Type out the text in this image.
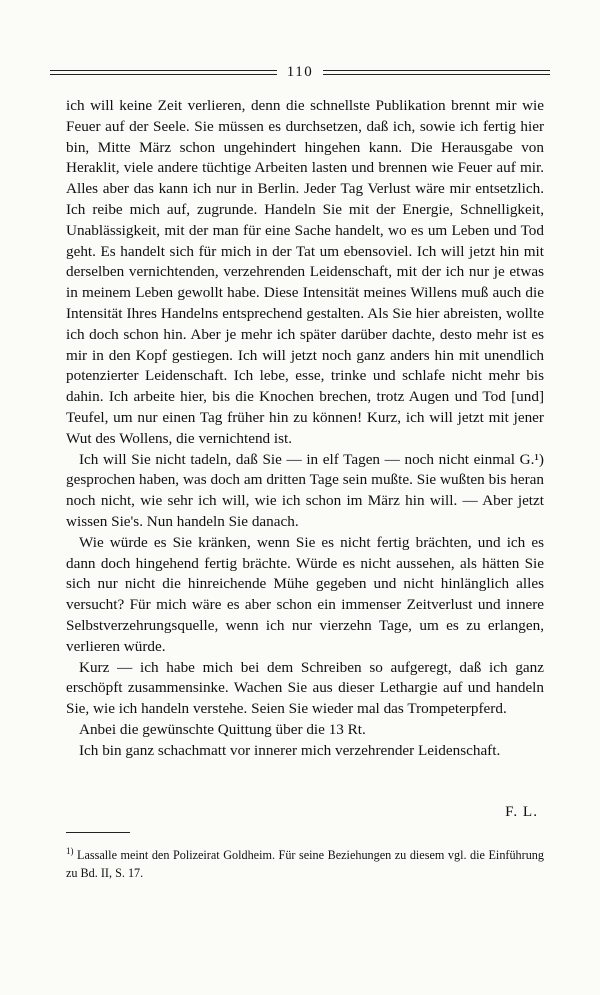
110

ich will keine Zeit verlieren, denn die schnellste Publikation brennt mir wie Feuer auf der Seele. Sie müssen es durchsetzen, daß ich, sowie ich fertig hier bin, Mitte März schon ungehindert hingehen kann. Die Herausgabe von Heraklit, viele andere tüchtige Arbeiten lasten und brennen wie Feuer auf mir. Alles aber das kann ich nur in Berlin. Jeder Tag Verlust wäre mir entsetzlich. Ich reibe mich auf, zugrunde. Handeln Sie mit der Energie, Schnelligkeit, Unablässigkeit, mit der man für eine Sache handelt, wo es um Leben und Tod geht. Es handelt sich für mich in der Tat um ebensoviel. Ich will jetzt hin mit derselben vernichtenden, verzehrenden Leidenschaft, mit der ich nur je etwas in meinem Leben gewollt habe. Diese Intensität meines Willens muß auch die Intensität Ihres Handelns entsprechend gestalten. Als Sie hier abreisten, wollte ich doch schon hin. Aber je mehr ich später darüber dachte, desto mehr ist es mir in den Kopf gestiegen. Ich will jetzt noch ganz anders hin mit unendlich potenzierter Leidenschaft. Ich lebe, esse, trinke und schlafe nicht mehr bis dahin. Ich arbeite hier, bis die Knochen brechen, trotz Augen und Tod [und] Teufel, um nur einen Tag früher hin zu können! Kurz, ich will jetzt mit jener Wut des Wollens, die vernichtend ist.

Ich will Sie nicht tadeln, daß Sie — in elf Tagen — noch nicht einmal G.¹) gesprochen haben, was doch am dritten Tage sein mußte. Sie wußten bis heran noch nicht, wie sehr ich will, wie ich schon im März hin will. — Aber jetzt wissen Sie's. Nun handeln Sie danach.

Wie würde es Sie kränken, wenn Sie es nicht fertig brächten, und ich es dann doch hingehend fertig brächte. Würde es nicht aussehen, als hätten Sie sich nur nicht die hinreichende Mühe gegeben und nicht hinlänglich alles versucht? Für mich wäre es aber schon ein immenser Zeitverlust und innere Selbstverzehrungsquelle, wenn ich nur vierzehn Tage, um es zu erlangen, verlieren würde.

Kurz — ich habe mich bei dem Schreiben so aufgeregt, daß ich ganz erschöpft zusammensinke. Wachen Sie aus dieser Lethargie auf und handeln Sie, wie ich handeln verstehe. Seien Sie wieder mal das Trompeterpferd.

Anbei die gewünschte Quittung über die 13 Rt.

Ich bin ganz schachmatt vor innerer mich verzehrender Leidenschaft.

F. L.
$^{1)}$ Lassalle meint den Polizeirat Goldheim. Für seine Beziehungen zu diesem vgl. die Einführung zu Bd. II, S. 17.
